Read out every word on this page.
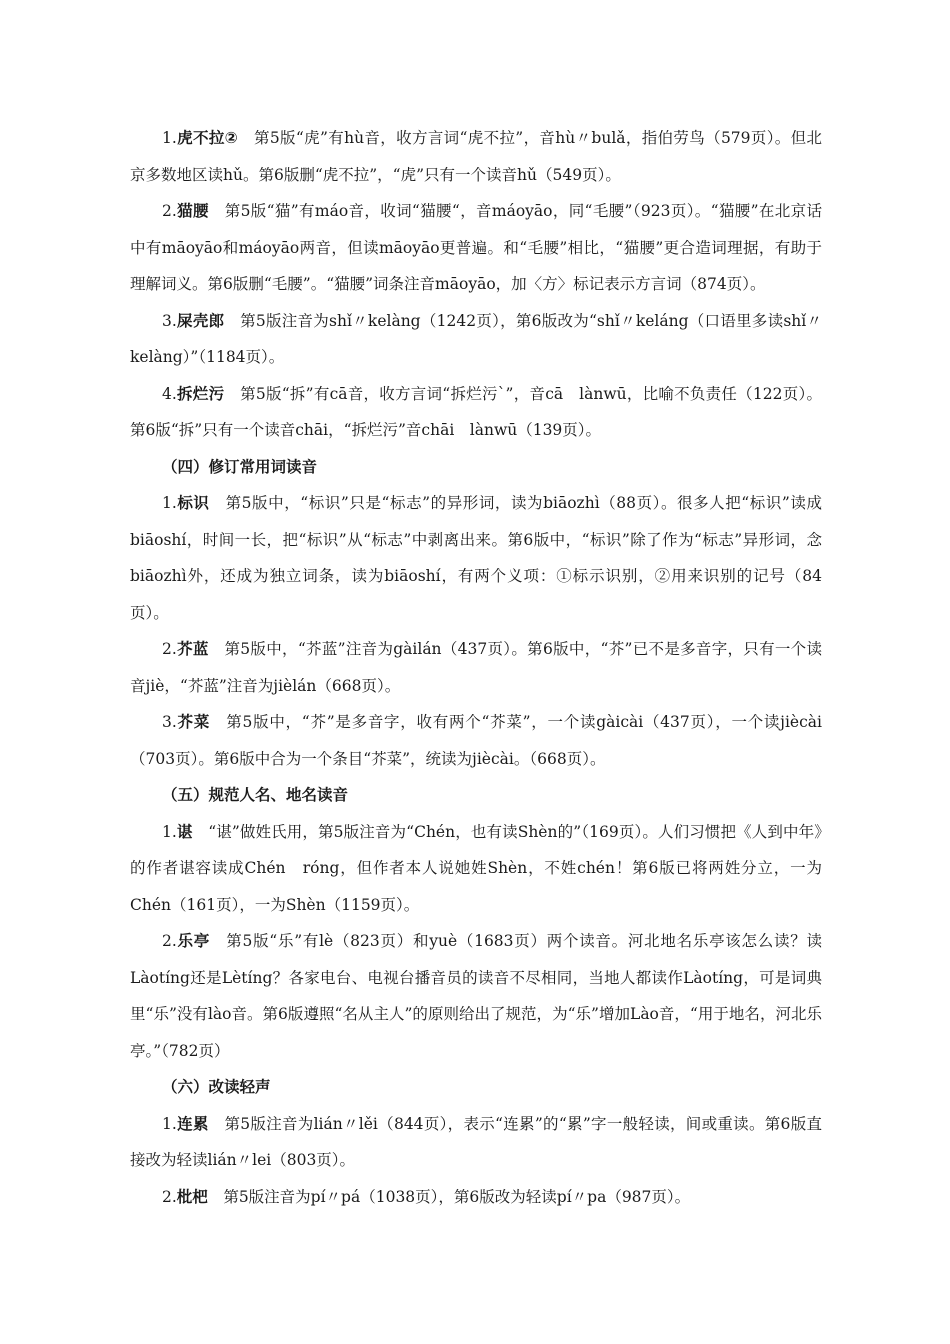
1.虎不拉②　第5版“虎”有hù音，收方言词“虎不拉”，音hù〃bulǎ，指伯劳鸟（579页）。但北京多数地区读hǔ。第6版删“虎不拉”，“虎”只有一个读音hǔ（549页）。

2.猫腰　第5版“猫”有máo音，收词“猫腰“，音máoyāo，同“毛腰”（923页）。“猫腰”在北京话中有māoyāo和máoyāo两音，但读māoyāo更普遍。和“毛腰”相比，“猫腰”更合造词理据，有助于理解词义。第6版删“毛腰”。“猫腰”词条注音māoyāo，加〈方〉标记表示方言词（874页）。

3.屎壳郎　第5版注音为shǐ〃kelàng（1242页），第6版改为“shǐ〃keláng（口语里多读shǐ〃kelàng）”（1184页）。

4.拆烂污　第5版“拆”有cā音，收方言词“拆烂污`”，音cā　lànwū，比喻不负责任（122页）。第6版“拆”只有一个读音chāi，“拆烂污”音chāi　lànwū（139页）。

（四）修订常用词读音

1.标识　第5版中，“标识”只是“标志”的异形词，读为biāozhì（88页）。很多人把“标识”读成biāoshí，时间一长，把“标识”从“标志”中剥离出来。第6版中，“标识”除了作为“标志”异形词，念biāozhì外，还成为独立词条，读为biāoshí，有两个义项：①标示识别，②用来识别的记号（84页）。

2.芥蓝　第5版中，“芥蓝”注音为gàilán（437页）。第6版中，“芥”已不是多音字，只有一个读音jiè，“芥蓝”注音为jièlán（668页）。

3.芥菜　第5版中，“芥”是多音字，收有两个“芥菜”，一个读gàicài（437页），一个读jiècài（703页）。第6版中合为一个条目“芥菜”，统读为jiècài。（668页）。

（五）规范人名、地名读音

1.谌　“谌”做姓氏用，第5版注音为“Chén，也有读Shèn的”（169页）。人们习惯把《人到中年》的作者谌容读成Chén　róng，但作者本人说她姓Shèn，不姓chén！第6版已将两姓分立，一为Chén（161页），一为Shèn（1159页）。

2.乐亭　第5版“乐”有lè（823页）和yuè（1683页）两个读音。河北地名乐亭该怎么读？读Làotíng还是Lètíng？各家电台、电视台播音员的读音不尽相同，当地人都读作Làotíng，可是词典里“乐”没有lào音。第6版遵照“名从主人”的原则给出了规范，为“乐”增加Lào音，“用于地名，河北乐亭。”（782页）

（六）改读轻声

1.连累　第5版注音为lián〃lěi（844页），表示“连累”的“累”字一般轻读，间或重读。第6版直接改为轻读lián〃lei（803页）。

2.枇杷　第5版注音为pí〃pá（1038页），第6版改为轻读pí〃pa（987页）。
